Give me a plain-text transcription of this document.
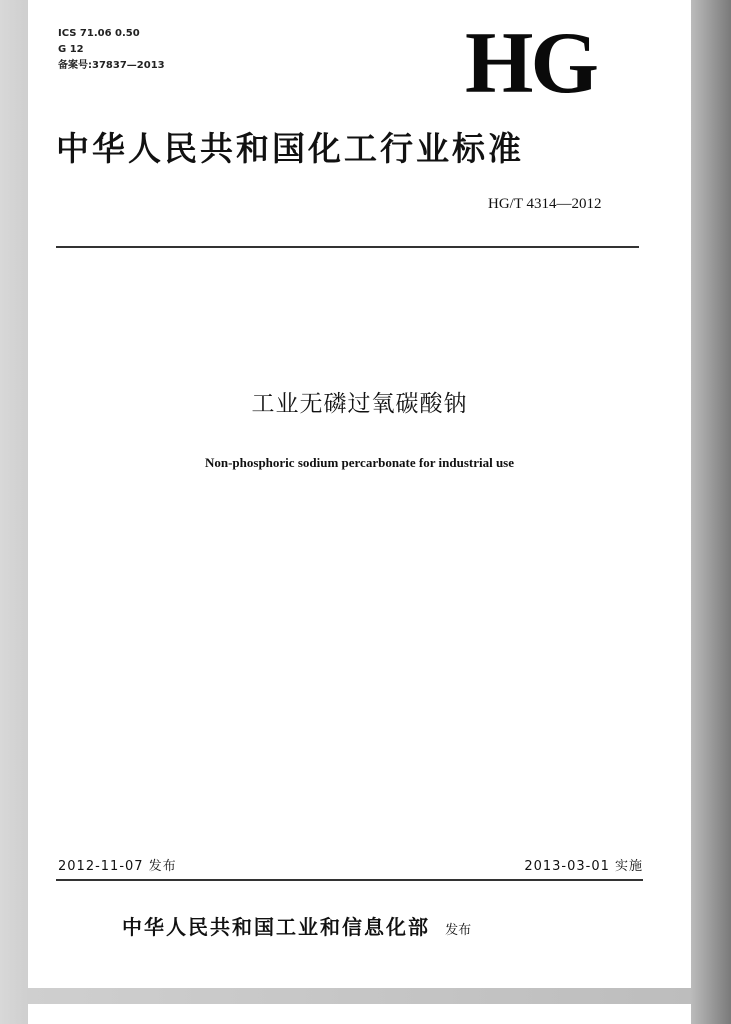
ICS 71.06 0.50
G 12
备案号:37837—2013	HG
中华人民共和国化工行业标准
HG/T 4314—2012
工业无磷过氧碳酸钠
Non-phosphoric sodium percarbonate for industrial use
2012-11-07 发布	2013-03-01 实施
中华人民共和国工业和信息化部 发布
